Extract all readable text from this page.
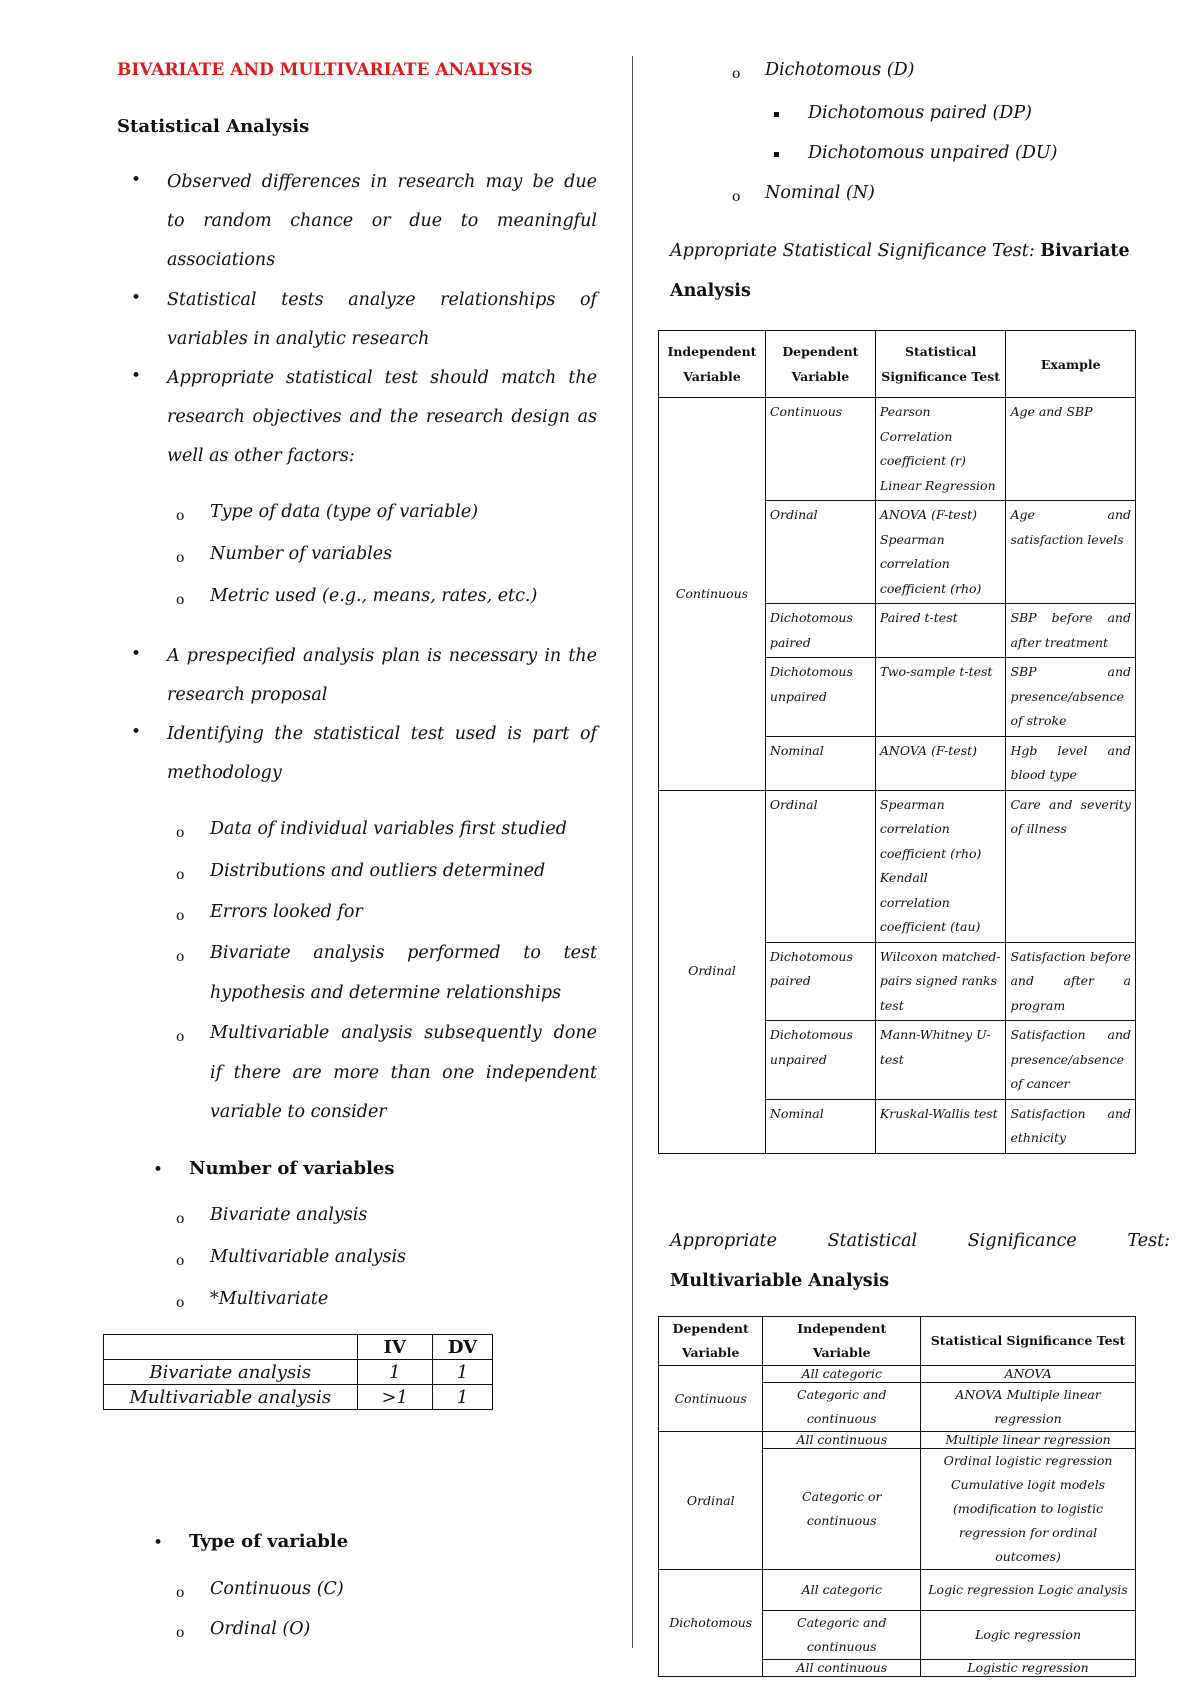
BIVARIATE AND MULTIVARIATE ANALYSIS
Statistical Analysis
• Observed differences in research may be due
to random chance or due to meaningful
associations
• Statistical tests analyze relationships of
variables in analytic research
• Appropriate statistical test should match the
research objectives and the research design as
well as other factors:
o Type of data (type of variable)
o Number of variables
o Metric used (e.g., means, rates, etc.)
• A prespecified analysis plan is necessary in the
research proposal
• Identifying the statistical test used is part of
methodology
o Data of individual variables first studied
o Distributions and outliers determined
o Errors looked for
o Bivariate analysis performed to test
hypothesis and determine relationships
o Multivariable analysis subsequently done
if there are more than one independent
variable to consider
• Number of variables
o Bivariate analysis
o Multivariable analysis
o *Multivariate
	IV	DV
Bivariate analysis	1	1
Multivariable analysis	>1	1
• Type of variable
o Continuous (C)
o Ordinal (O)
o Dichotomous (D)
Dichotomous paired (DP)
Dichotomous unpaired (DU)
o Nominal (N)
Appropriate Statistical Significance Test: Bivariate
Analysis
Appropriate Statistical Significance Test:
Multivariable Analysis
Independent Variable	Dependent Variable	Statistical Significance Test	Example
Continuous	Continuous	Pearson Correlation coefficient (r) Linear Regression	Age and SBP
	Ordinal	ANOVA (F-test) Spearman correlation coefficient (rho)	Age and satisfaction levels
	Dichotomous paired	Paired t-test	SBP before and after treatment
	Dichotomous unpaired	Two-sample t-test	SBP and presence/absence of stroke
	Nominal	ANOVA (F-test)	Hgb level and blood type
Ordinal	Ordinal	Spearman correlation coefficient (rho) Kendall correlation coefficient (tau)	Care and severity of illness
	Dichotomous paired	Wilcoxon matched-pairs signed ranks test	Satisfaction before and after a program
	Dichotomous unpaired	Mann-Whitney U-test	Satisfaction and presence/absence of cancer
	Nominal	Kruskal-Wallis test	Satisfaction and ethnicity
Dependent Variable	Independent Variable	Statistical Significance Test
Continuous	All categoric	ANOVA
	Categoric and continuous	ANOVA Multiple linear regression
Ordinal	All continuous	Multiple linear regression
	Categoric or continuous	Ordinal logistic regression Cumulative logit models (modification to logistic regression for ordinal outcomes)
Dichotomous	All categoric	Logic regression Logic analysis
	Categoric and continuous	Logic regression
	All continuous	Logistic regression
